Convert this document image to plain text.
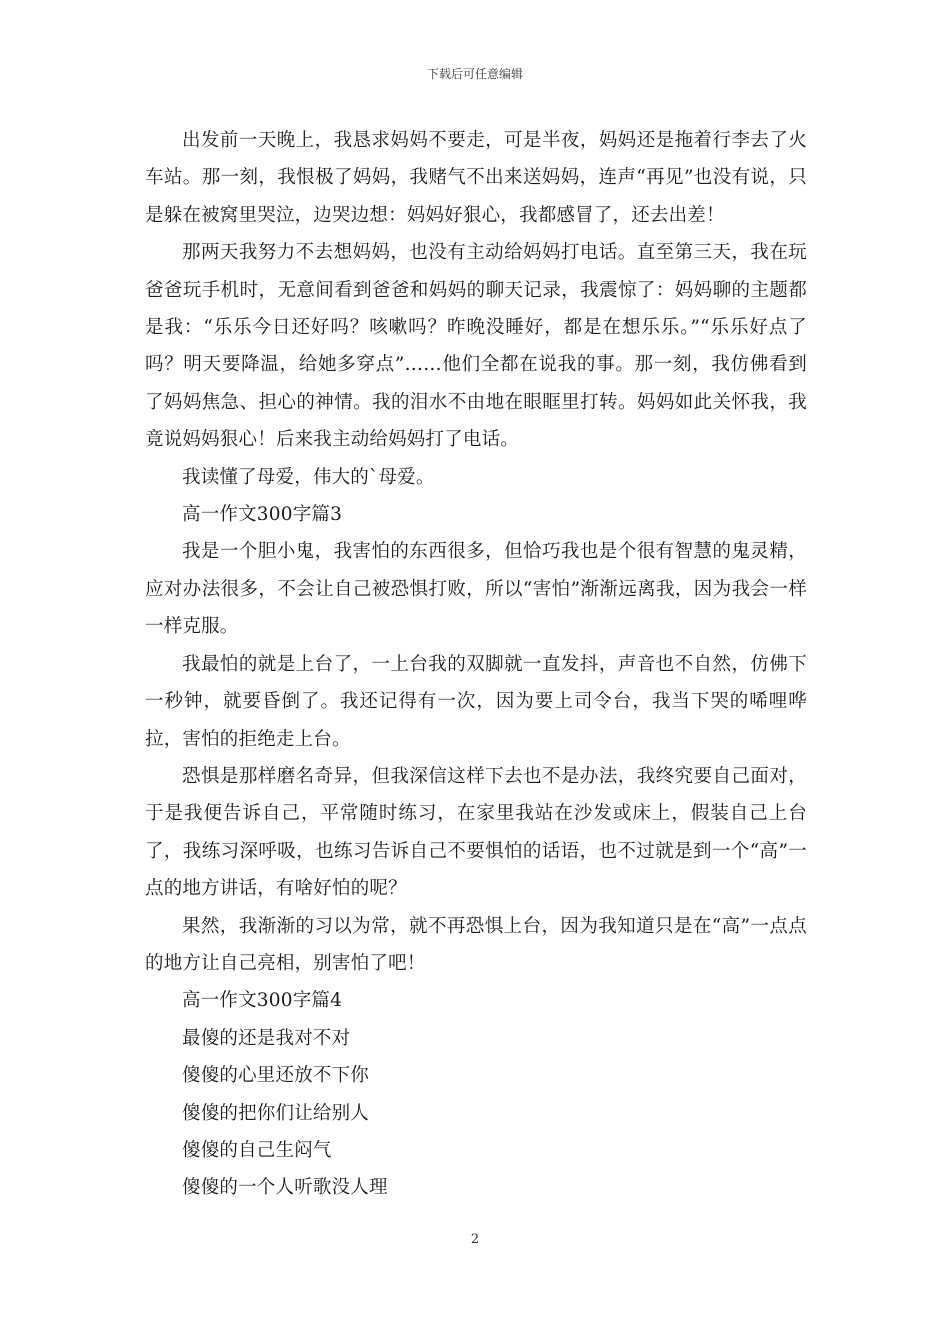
下载后可任意编辑

出发前一天晚上，我恳求妈妈不要走，可是半夜，妈妈还是拖着行李去了火车站。那一刻，我恨极了妈妈，我赌气不出来送妈妈，连声“再见”也没有说，只是躲在被窝里哭泣，边哭边想：妈妈好狠心，我都感冒了，还去出差！

那两天我努力不去想妈妈，也没有主动给妈妈打电话。直至第三天，我在玩爸爸玩手机时，无意间看到爸爸和妈妈的聊天记录，我震惊了：妈妈聊的主题都是我：“乐乐今日还好吗？咳嗽吗？昨晚没睡好，都是在想乐乐。”“乐乐好点了吗？明天要降温，给她多穿点”……他们全都在说我的事。那一刻，我仿佛看到了妈妈焦急、担心的神情。我的泪水不由地在眼眶里打转。妈妈如此关怀我，我竟说妈妈狠心！后来我主动给妈妈打了电话。

我读懂了母爱，伟大的`母爱。

高一作文300字篇3

我是一个胆小鬼，我害怕的东西很多，但恰巧我也是个很有智慧的鬼灵精，应对办法很多，不会让自己被恐惧打败，所以“害怕”渐渐远离我，因为我会一样一样克服。

我最怕的就是上台了，一上台我的双脚就一直发抖，声音也不自然，仿佛下一秒钟，就要昏倒了。我还记得有一次，因为要上司令台，我当下哭的唏哩哗拉，害怕的拒绝走上台。

恐惧是那样磨名奇异，但我深信这样下去也不是办法，我终究要自己面对，于是我便告诉自己，平常随时练习，在家里我站在沙发或床上，假装自己上台了，我练习深呼吸，也练习告诉自己不要惧怕的话语，也不过就是到一个“高”一点的地方讲话，有啥好怕的呢？

果然，我渐渐的习以为常，就不再恐惧上台，因为我知道只是在“高”一点点的地方让自己亮相，别害怕了吧！

高一作文300字篇4

最傻的还是我对不对

傻傻的心里还放不下你

傻傻的把你们让给别人

傻傻的自己生闷气

傻傻的一个人听歌没人理

2
